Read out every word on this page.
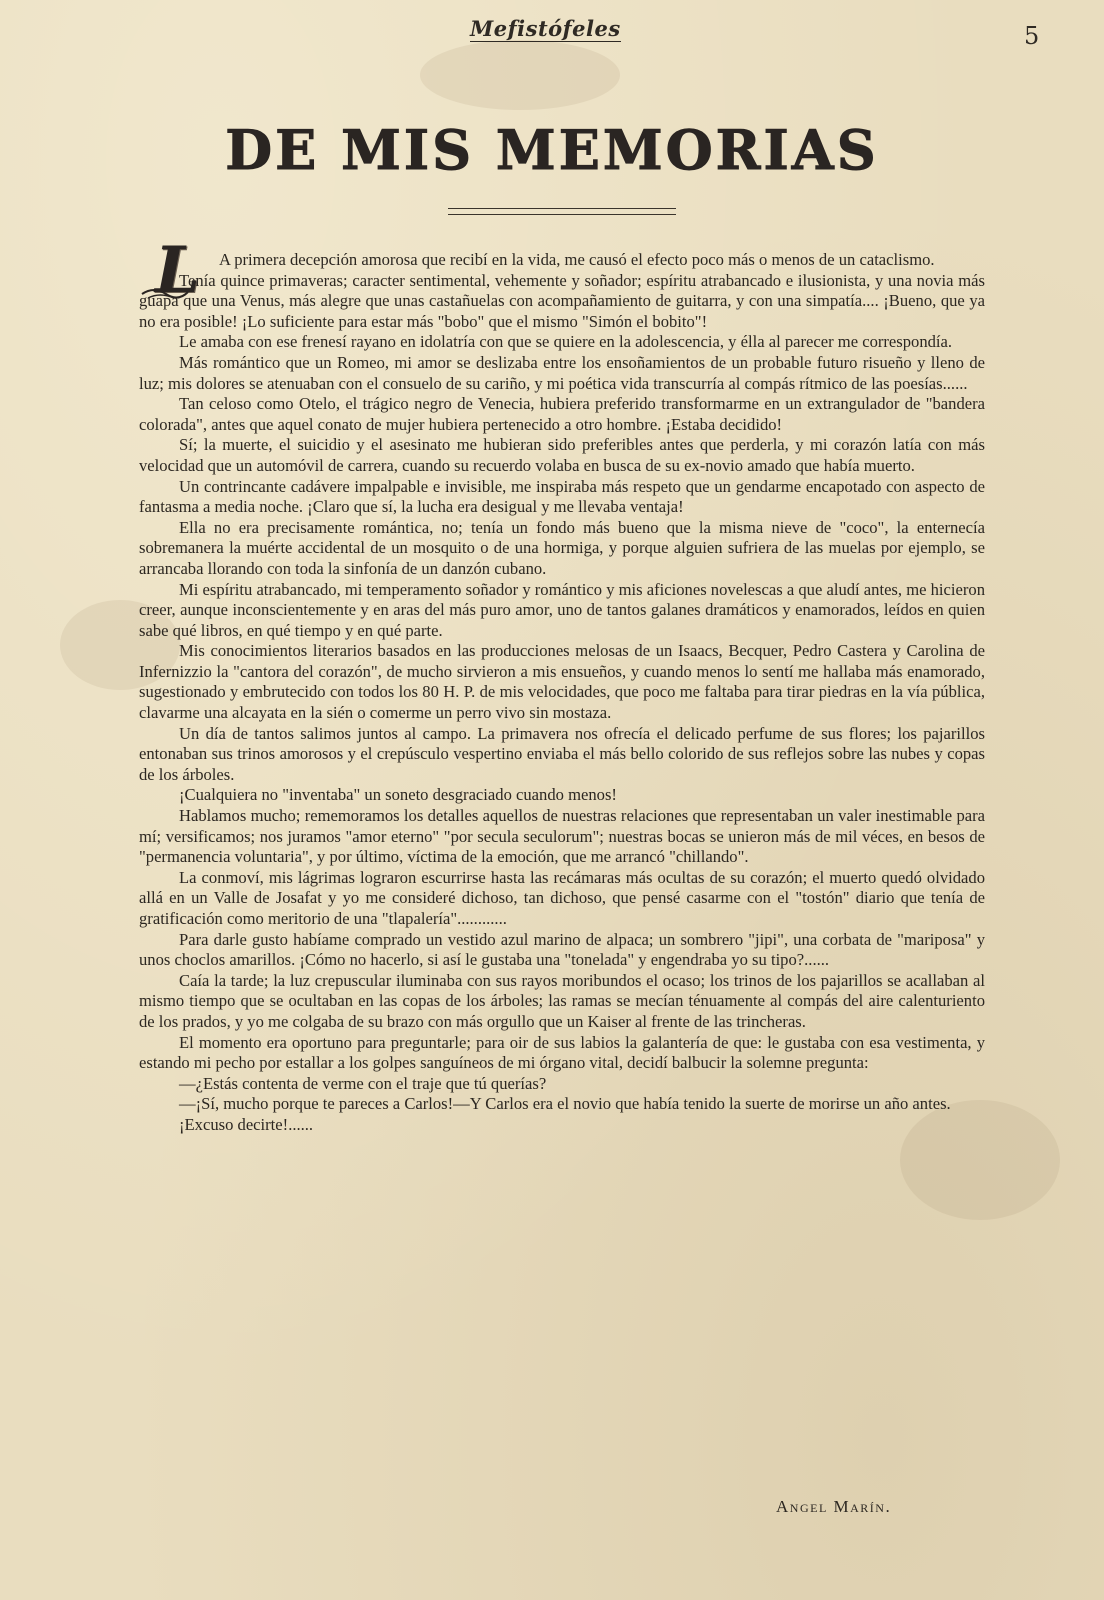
Mefistófeles	5
DE MIS MEMORIAS
L	A primera decepción amorosa que recibí en la vida, me causó el efecto poco más o menos de un cataclismo.

Tenía quince primaveras; caracter sentimental, vehemente y soñador; espíritu atrabancado e ilusionista, y una novia más guapa que una Venus, más alegre que unas castañuelas con acompañamiento de guitarra, y con una simpatía.... ¡Bueno, que ya no era posible! ¡Lo suficiente para estar más "bobo" que el mismo "Simón el bobito"!

Le amaba con ese frenesí rayano en idolatría con que se quiere en la adolescencia, y élla al parecer me correspondía.

Más romántico que un Romeo, mi amor se deslizaba entre los ensoñamientos de un probable futuro risueño y lleno de luz; mis dolores se atenuaban con el consuelo de su cariño, y mi poética vida transcurría al compás rítmico de las poesías......

Tan celoso como Otelo, el trágico negro de Venecia, hubiera preferido transformarme en un extrangulador de "bandera colorada", antes que aquel conato de mujer hubiera pertenecido a otro hombre. ¡Estaba decidido!

Sí; la muerte, el suicidio y el asesinato me hubieran sido preferibles antes que perderla, y mi corazón latía con más velocidad que un automóvil de carrera, cuando su recuerdo volaba en busca de su ex-novio amado que había muerto.

Un contrincante cadávere impalpable e invisible, me inspiraba más respeto que un gendarme encapotado con aspecto de fantasma a media noche. ¡Claro que sí, la lucha era desigual y me llevaba ventaja!

Ella no era precisamente romántica, no; tenía un fondo más bueno que la misma nieve de "coco", la enternecía sobremanera la muérte accidental de un mosquito o de una hormiga, y porque alguien sufriera de las muelas por ejemplo, se arrancaba llorando con toda la sinfonía de un danzón cubano.

Mi espíritu atrabancado, mi temperamento soñador y romántico y mis aficiones novelescas a que aludí antes, me hicieron creer, aunque inconscientemente y en aras del más puro amor, uno de tantos galanes dramáticos y enamorados, leídos en quien sabe qué libros, en qué tiempo y en qué parte.

Mis conocimientos literarios basados en las producciones melosas de un Isaacs, Becquer, Pedro Castera y Carolina de Infernizzio la "cantora del corazón", de mucho sirvieron a mis ensueños, y cuando menos lo sentí me hallaba más enamorado, sugestionado y embrutecido con todos los 80 H. P. de mis velocidades, que poco me faltaba para tirar piedras en la vía pública, clavarme una alcayata en la sién o comerme un perro vivo sin mostaza.

Un día de tantos salimos juntos al campo. La primavera nos ofrecía el delicado perfume de sus flores; los pajarillos entonaban sus trinos amorosos y el crepúsculo vespertino enviaba el más bello colorido de sus reflejos sobre las nubes y copas de los árboles.

¡Cualquiera no "inventaba" un soneto desgraciado cuando menos!

Hablamos mucho; rememoramos los detalles aquellos de nuestras relaciones que representaban un valer inestimable para mí; versificamos; nos juramos "amor eterno" "por secula seculorum"; nuestras bocas se unieron más de mil véces, en besos de "permanencia voluntaria", y por último, víctima de la emoción, que me arrancó "chillando".

La conmoví, mis lágrimas lograron escurrirse hasta las recámaras más ocultas de su corazón; el muerto quedó olvidado allá en un Valle de Josafat y yo me consideré dichoso, tan dichoso, que pensé casarme con el "tostón" diario que tenía de gratificación como meritorio de una "tlapalería"............

Para darle gusto habíame comprado un vestido azul marino de alpaca; un sombrero "jipi", una corbata de "mariposa" y unos choclos amarillos. ¡Cómo no hacerlo, si así le gustaba una "tonelada" y engendraba yo su tipo?......

Caía la tarde; la luz crepuscular iluminaba con sus rayos moribundos el ocaso; los trinos de los pajarillos se acallaban al mismo tiempo que se ocultaban en las copas de los árboles; las ramas se mecían ténuamente al compás del aire calenturiento de los prados, y yo me colgaba de su brazo con más orgullo que un Kaiser al frente de las trincheras.

El momento era oportuno para preguntarle; para oir de sus labios la galantería de que: le gustaba con esa vestimenta, y estando mi pecho por estallar a los golpes sanguíneos de mi órgano vital, decidí balbucir la solemne pregunta:

—¿Estás contenta de verme con el traje que tú querías?

—¡Sí, mucho porque te pareces a Carlos!—Y Carlos era el novio que había tenido la suerte de morirse un año antes.

¡Excuso decirte!......

Angel Marín.
